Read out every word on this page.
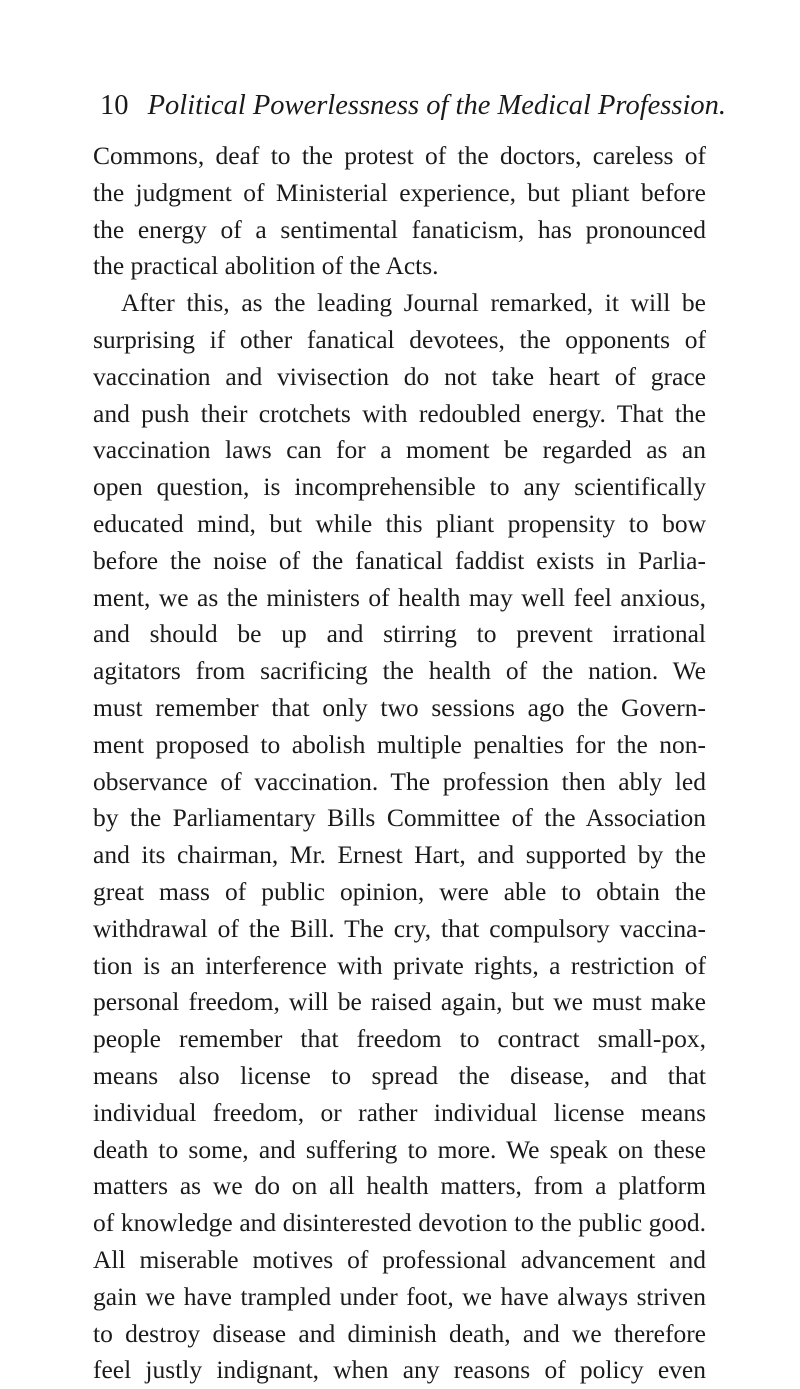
10 Political Powerlessness of the Medical Profession.
Commons, deaf to the protest of the doctors, careless of
the judgment of Ministerial experience, but pliant before
the energy of a sentimental fanaticism, has pronounced
the practical abolition of the Acts.
After this, as the leading Journal remarked, it will be
surprising if other fanatical devotees, the opponents of
vaccination and vivisection do not take heart of grace
and push their crotchets with redoubled energy. That the
vaccination laws can for a moment be regarded as an
open question, is incomprehensible to any scientifically
educated mind, but while this pliant propensity to bow
before the noise of the fanatical faddist exists in Parlia-
ment, we as the ministers of health may well feel anxious,
and should be up and stirring to prevent irrational
agitators from sacrificing the health of the nation. We
must remember that only two sessions ago the Govern-
ment proposed to abolish multiple penalties for the non-
observance of vaccination. The profession then ably led
by the Parliamentary Bills Committee of the Association
and its chairman, Mr. Ernest Hart, and supported by the
great mass of public opinion, were able to obtain the
withdrawal of the Bill. The cry, that compulsory vaccina-
tion is an interference with private rights, a restriction of
personal freedom, will be raised again, but we must make
people remember that freedom to contract small-pox,
means also license to spread the disease, and that
individual freedom, or rather individual license means
death to some, and suffering to more. We speak on these
matters as we do on all health matters, from a platform
of knowledge and disinterested devotion to the public good.
All miserable motives of professional advancement and
gain we have trampled under foot, we have always striven
to destroy disease and diminish death, and we therefore
feel justly indignant, when any reasons of policy even
